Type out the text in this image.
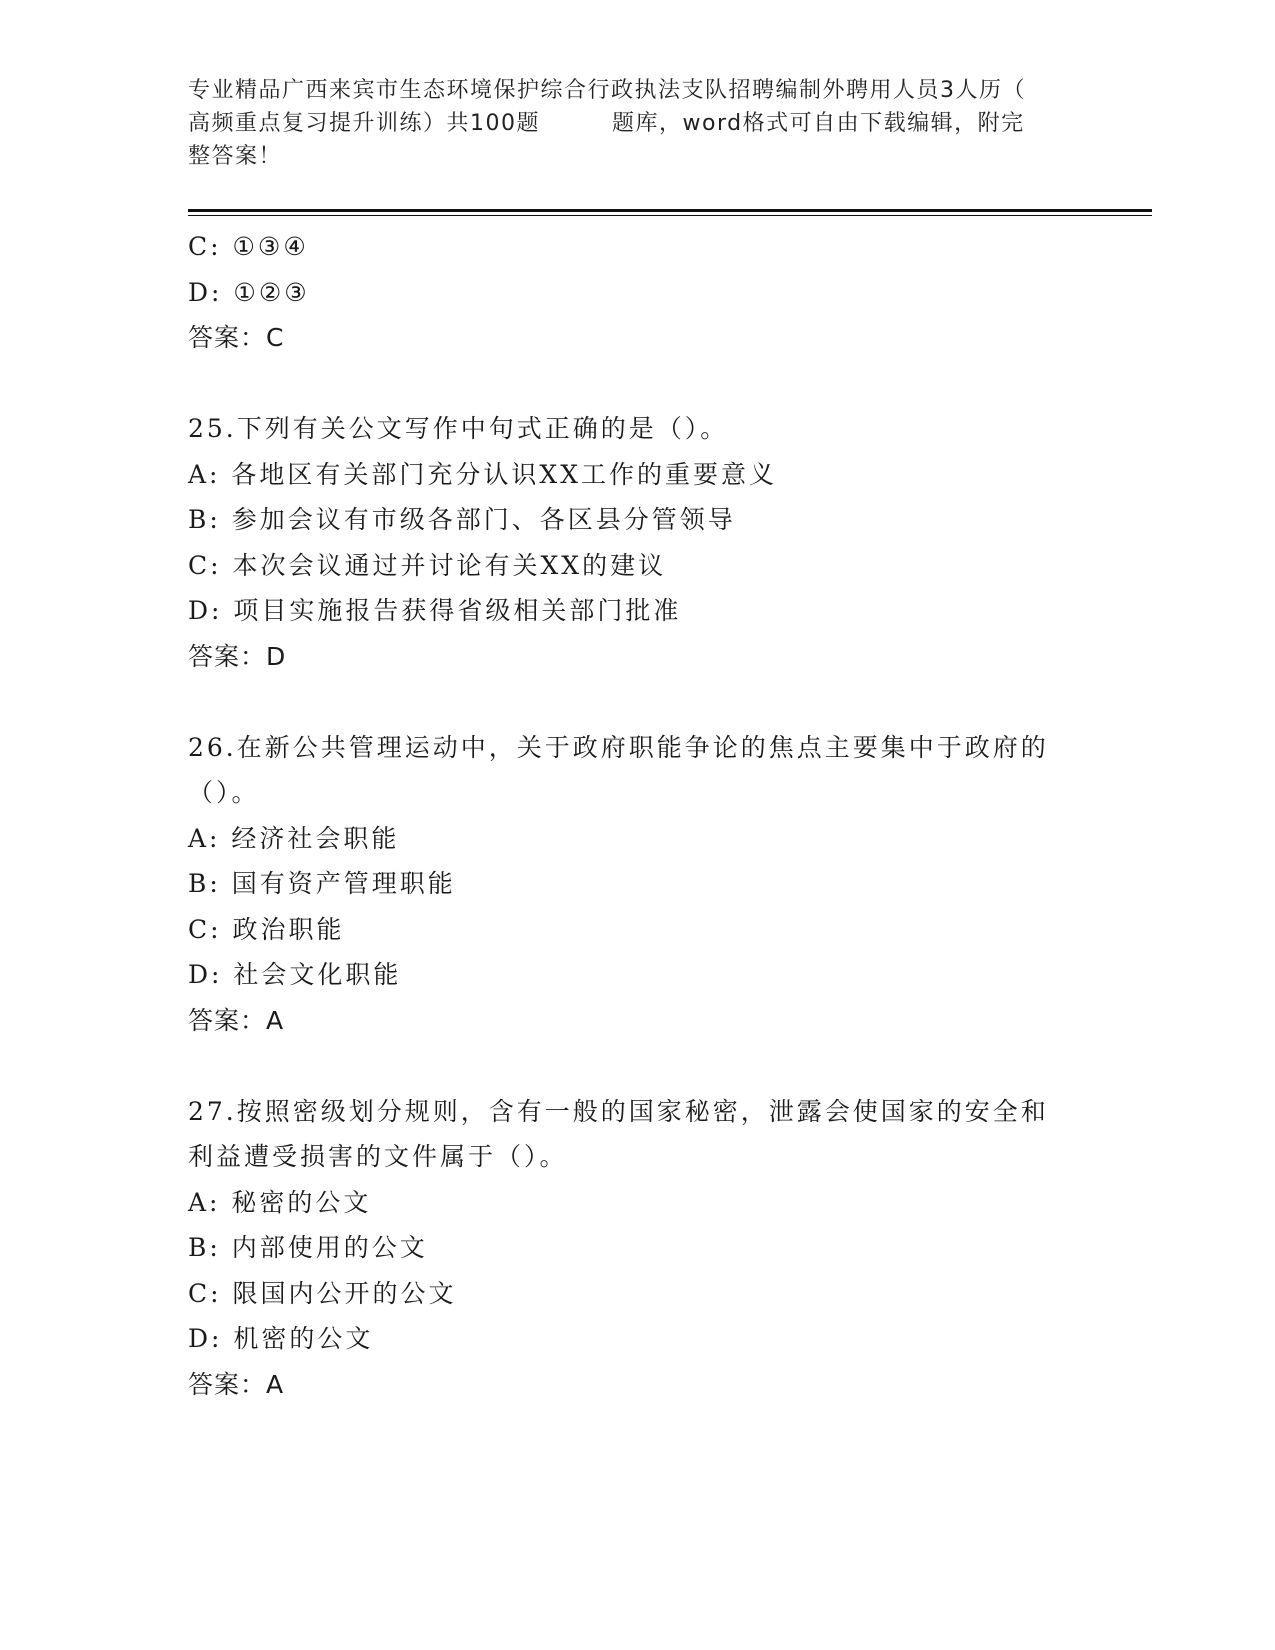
专业精品广西来宾市生态环境保护综合行政执法支队招聘编制外聘用人员3人历（
高频重点复习提升训练）共100题	题库，word格式可自由下载编辑，附完
整答案！
C: ①③④
D: ①②③
答案：C
25.下列有关公文写作中句式正确的是（）。
A: 各地区有关部门充分认识XX工作的重要意义
B: 参加会议有市级各部门、各区县分管领导
C: 本次会议通过并讨论有关XX的建议
D: 项目实施报告获得省级相关部门批准
答案：D
26.在新公共管理运动中，关于政府职能争论的焦点主要集中于政府的
（）。
A: 经济社会职能
B: 国有资产管理职能
C: 政治职能
D: 社会文化职能
答案：A
27.按照密级划分规则，含有一般的国家秘密，泄露会使国家的安全和
利益遭受损害的文件属于（）。
A: 秘密的公文
B: 内部使用的公文
C: 限国内公开的公文
D: 机密的公文
答案：A
